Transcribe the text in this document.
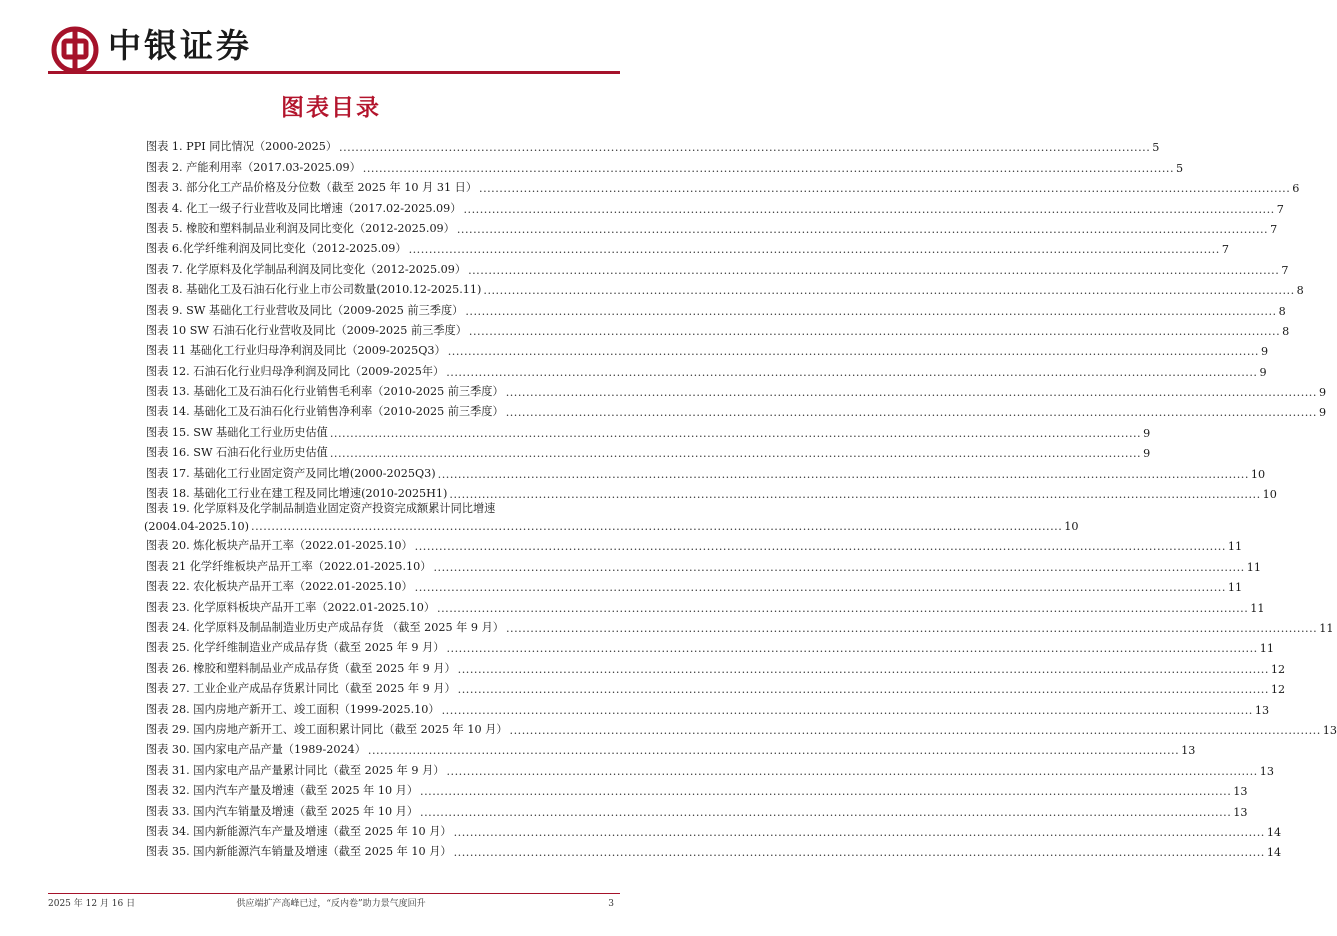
中银证券
图表目录
图表 1. PPI 同比情况（2000-2025） ........................................................................................................................................................................................................ 5
图表 2. 产能利用率（2017.03-2025.09） ........................................................................................................................................................................................................ 5
图表 3. 部分化工产品价格及分位数（截至 2025 年 10 月 31 日） ........................................................................................................................................................................................................ 6
图表 4. 化工一级子行业营收及同比增速（2017.02-2025.09） ........................................................................................................................................................................................................ 7
图表 5. 橡胶和塑料制品业利润及同比变化（2012-2025.09） ........................................................................................................................................................................................................ 7
图表 6.化学纤维利润及同比变化（2012-2025.09） ........................................................................................................................................................................................................ 7
图表 7. 化学原料及化学制品利润及同比变化（2012-2025.09） ........................................................................................................................................................................................................ 7
图表 8. 基础化工及石油石化行业上市公司数量(2010.12-2025.11) ........................................................................................................................................................................................................ 8
图表 9. SW 基础化工行业营收及同比（2009-2025 前三季度） ........................................................................................................................................................................................................ 8
图表 10 SW 石油石化行业营收及同比（2009-2025 前三季度） ........................................................................................................................................................................................................ 8
图表 11 基础化工行业归母净利润及同比（2009-2025Q3） ........................................................................................................................................................................................................ 9
图表 12. 石油石化行业归母净利润及同比（2009-2025年） ........................................................................................................................................................................................................ 9
图表 13. 基础化工及石油石化行业销售毛利率（2010-2025 前三季度） ........................................................................................................................................................................................................ 9
图表 14. 基础化工及石油石化行业销售净利率（2010-2025 前三季度） ........................................................................................................................................................................................................ 9
图表 15. SW 基础化工行业历史估值 ........................................................................................................................................................................................................ 9
图表 16. SW 石油石化行业历史估值 ........................................................................................................................................................................................................ 9
图表 17. 基础化工行业固定资产及同比增(2000-2025Q3) ........................................................................................................................................................................................................ 10
图表 18. 基础化工行业在建工程及同比增速(2010-2025H1) ........................................................................................................................................................................................................ 10
图表 19. 化学原料及化学制品制造业固定资产投资完成额累计同比增速
(2004.04-2025.10) ........................................................................................................................................................................................................ 10
图表 20. 炼化板块产品开工率（2022.01-2025.10） ........................................................................................................................................................................................................ 11
图表 21 化学纤维板块产品开工率（2022.01-2025.10） ........................................................................................................................................................................................................ 11
图表 22. 农化板块产品开工率（2022.01-2025.10） ........................................................................................................................................................................................................ 11
图表 23. 化学原料板块产品开工率（2022.01-2025.10） ........................................................................................................................................................................................................ 11
图表 24. 化学原料及制品制造业历史产成品存货 （截至 2025 年 9 月） ........................................................................................................................................................................................................ 11
图表 25. 化学纤维制造业产成品存货（截至 2025 年 9 月） ........................................................................................................................................................................................................ 11
图表 26. 橡胶和塑料制品业产成品存货（截至 2025 年 9 月） ........................................................................................................................................................................................................ 12
图表 27. 工业企业产成品存货累计同比（截至 2025 年 9 月） ........................................................................................................................................................................................................ 12
图表 28. 国内房地产新开工、竣工面积（1999-2025.10） ........................................................................................................................................................................................................ 13
图表 29. 国内房地产新开工、竣工面积累计同比（截至 2025 年 10 月） ........................................................................................................................................................................................................ 13
图表 30. 国内家电产品产量（1989-2024） ........................................................................................................................................................................................................ 13
图表 31. 国内家电产品产量累计同比（截至 2025 年 9 月） ........................................................................................................................................................................................................ 13
图表 32. 国内汽车产量及增速（截至 2025 年 10 月） ........................................................................................................................................................................................................ 13
图表 33. 国内汽车销量及增速（截至 2025 年 10 月） ........................................................................................................................................................................................................ 13
图表 34. 国内新能源汽车产量及增速（截至 2025 年 10 月） ........................................................................................................................................................................................................ 14
图表 35. 国内新能源汽车销量及增速（截至 2025 年 10 月） ........................................................................................................................................................................................................ 14
2025 年 12 月 16 日	供应端扩产高峰已过，“反内卷”助力景气度回升	3
